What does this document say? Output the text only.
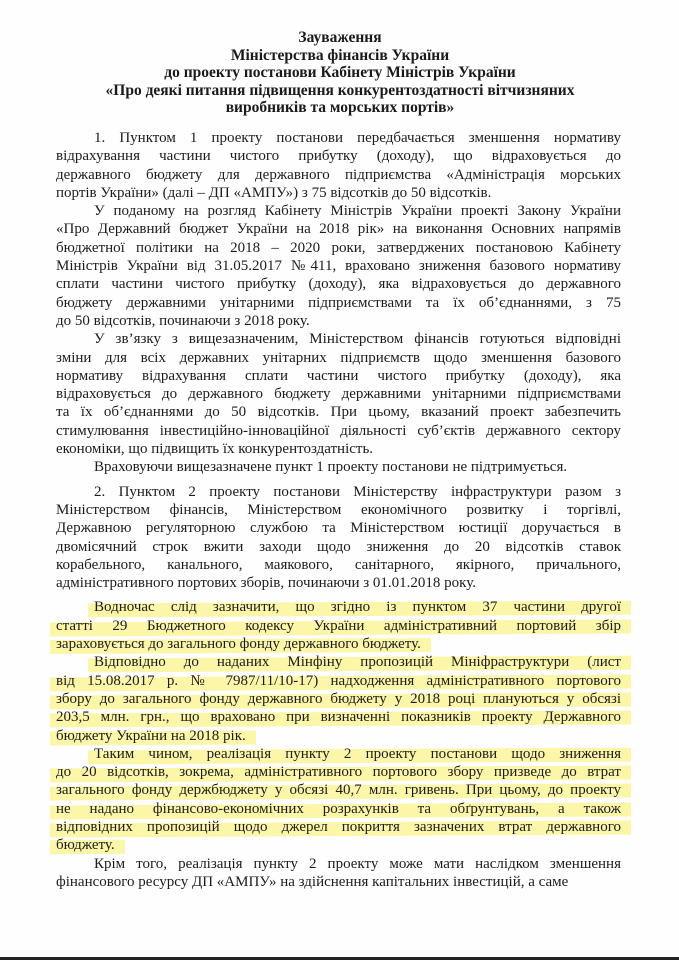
Зауваження
Міністерства фінансів України
до проекту постанови Кабінету Міністрів України
«Про деякі питання підвищення конкурентоздатності вітчизняних
виробників та морських портів»
1. Пунктом 1 проекту постанови передбачається зменшення нормативу
відрахування частини чистого прибутку (доходу), що відраховується до
державного бюджету для державного підприємства «Адміністрація морських
портів України» (далі – ДП «АМПУ») з 75 відсотків до 50 відсотків.
У поданому на розгляд Кабінету Міністрів України проекті Закону України
«Про Державний бюджет України на 2018 рік» на виконання Основних напрямів
бюджетної політики на 2018 – 2020 роки, затверджених постановою Кабінету
Міністрів України від 31.05.2017 №411, враховано зниження базового нормативу
сплати частини чистого прибутку (доходу), яка відраховується до державного
бюджету державними унітарними підприємствами та їх об’єднаннями, з 75
до 50 відсотків, починаючи з 2018 року.
У зв’язку з вищезазначеним, Міністерством фінансів готуються відповідні
зміни для всіх державних унітарних підприємств щодо зменшення базового
нормативу відрахування сплати частини чистого прибутку (доходу), яка
відраховується до державного бюджету державними унітарними підприємствами
та їх об’єднаннями до 50 відсотків. При цьому, вказаний проект забезпечить
стимулювання інвестиційно-інноваційної діяльності суб’єктів державного сектору
економіки, що підвищить їх конкурентоздатність.
Враховуючи вищезазначене пункт 1 проекту постанови не підтримується.
2. Пунктом 2 проекту постанови Міністерству інфраструктури разом з
Міністерством фінансів, Міністерством економічного розвитку і торгівлі,
Державною регуляторною службою та Міністерством юстиції доручається в
двомісячний строк вжити заходи щодо зниження до 20 відсотків ставок
корабельного, канального, маякового, санітарного, якірного, причального,
адміністративного портових зборів, починаючи з 01.01.2018 року.
Водночас слід зазначити, що згідно із пунктом 37 частини другої
статті 29 Бюджетного кодексу України адміністративний портовий збір
зараховується до загального фонду державного бюджету.
Відповідно до наданих Мінфіну пропозицій Мініфраструктури (лист
від 15.08.2017 р. № 7987/11/10-17) надходження адміністративного портового
збору до загального фонду державного бюджету у 2018 році плануються у обсязі
203,5 млн. грн., що враховано при визначенні показників проекту Державного
бюджету України на 2018 рік.
Таким чином, реалізація пункту 2 проекту постанови щодо зниження
до 20 відсотків, зокрема, адміністративного портового збору призведе до втрат
загального фонду держбюджету у обсязі 40,7 млн. гривень. При цьому, до проекту
не надано фінансово-економічних розрахунків та обґрунтувань, а також
відповідних пропозицій щодо джерел покриття зазначених втрат державного
бюджету.
Крім того, реалізація пункту 2 проекту може мати наслідком зменшення
фінансового ресурсу ДП «АМПУ» на здійснення капітальних інвестицій, а саме
